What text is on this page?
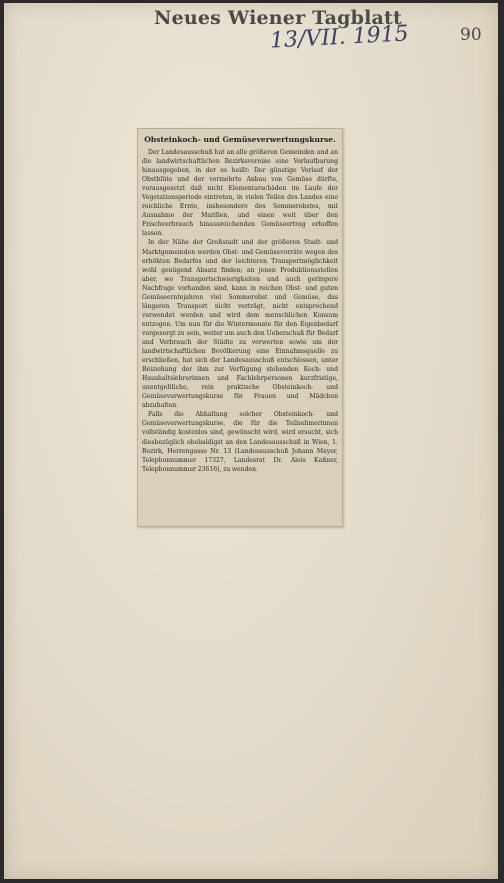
Neues Wiener Tagblatt
13/VII. 1915	90
Obsteinkoch- und Gemüseverwertungskurse.

Der Landesausschuß hat an alle größeren Gemeinden und an die landwirtschaftlichen Bezirksvereine eine Verlautbarung hinausgegeben, in der es heißt: Der günstige Verlauf der Obstblüte und der vermehrte Anbau von Gemüse dürfte, vorausgesetzt daß nicht Elementarschäden im Laufe der Vegetationsperiode eintreten, in vielen Teilen des Landes eine reichliche Ernte, insbesondere des Sommerobstes, mit Ausnahme der Marillen, und einen weit über den Frischverbrauch hinausreichenden Gemüseertrag erhoffen lassen.

In der Nähe der Großstadt und der größeren Stadt- und Marktgemeinden werden Obst- und Gemüsevorräte wegen des erhöhten Bedarfes und der leichteren Transportmöglichkeit wohl genügend Absatz finden; an jenen Produktionsstellen aber, wo Transportschwierigkeiten und auch geringere Nachfrage vorhanden sind, kann in reichen Obst- und guten Gemüseerntejahren viel Sommerobst und Gemüse, das längeren Transport nicht verträgt, nicht entsprechend verwendet werden und wird dem menschlichen Konsum entzogen. Um nun für die Wintermonate für den Eigenbedarf vorgesorgt zu sein, weiter um auch den Ueberschuß für Bedarf und Verbrauch der Städte zu verwerten sowie um der landwirtschaftlichen Bevölkerung eine Einnahmsquelle zu erschließen, hat sich der Landesausschuß entschlossen, unter Beiziehung der ihm zur Verfügung stehenden Koch- und Haushaltslehrerinnen und Fachlehrpersonen kurzfristige, unentgeltliche, rein praktische Obsteinkoch- und Gemüseverwertungskurse für Frauen und Mädchen abzuhalten.

Falls die Abhaltung solcher Obsteinkoch- und Gemüseverwertungskurse, die für die Teilnehmerinnen vollständig kostenlos sind, gewünscht wird, wird ersucht, sich diesbezüglich ehebaldigst an den Landesausschuß in Wien, 1. Bezirk, Herrengasse Nr. 13 (Landesausschuß Johann Mayer, Telephonnummer 17327, Landesrat Dr. Alois Kaßner, Telephonnummer 23616), zu wenden.
